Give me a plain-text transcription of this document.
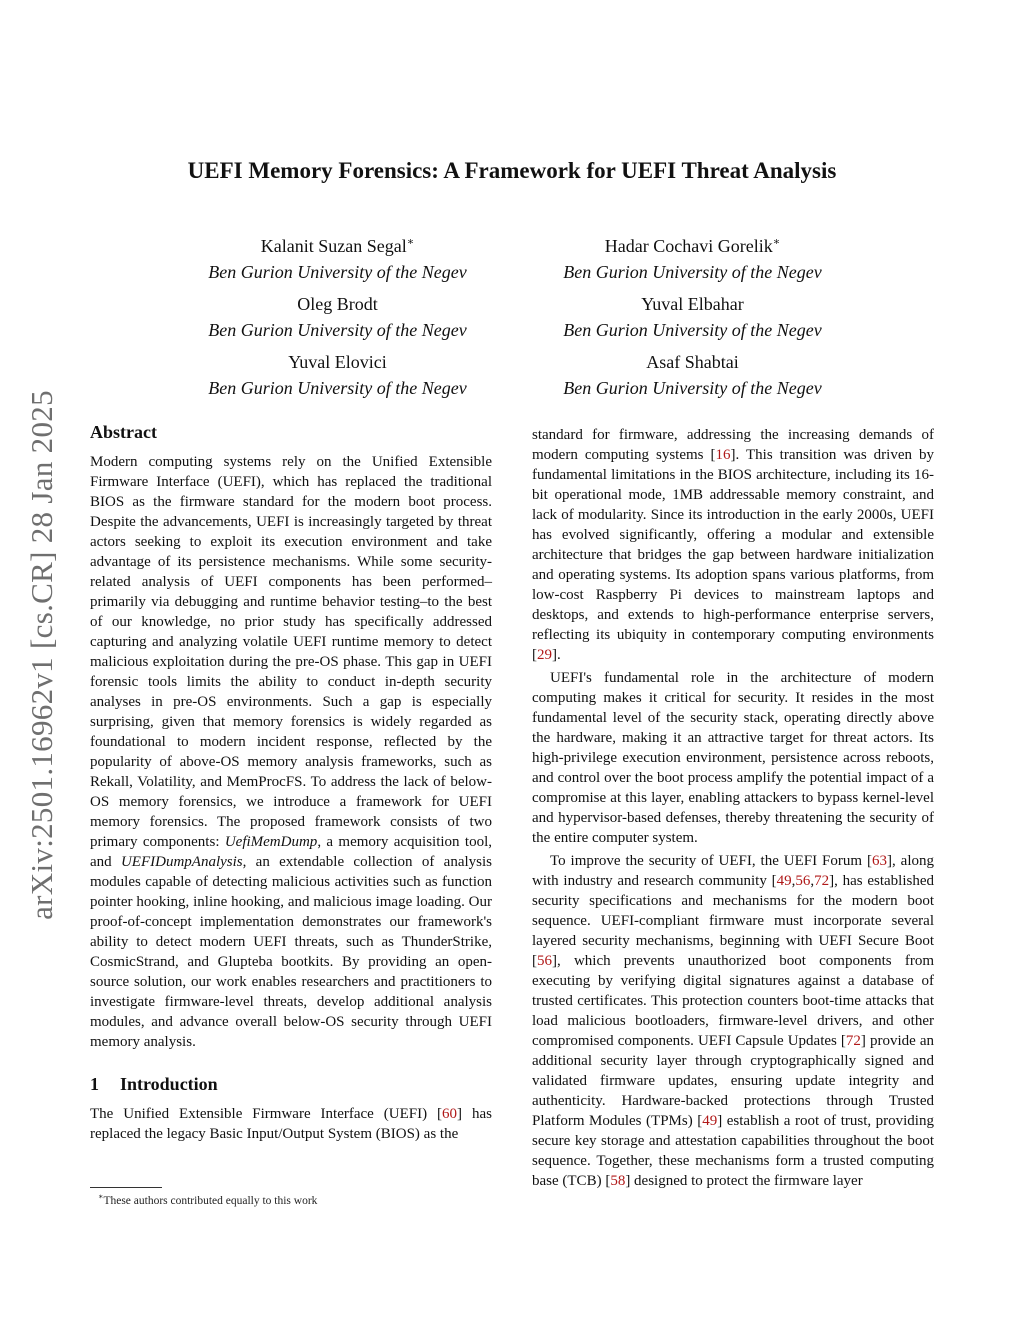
arXiv:2501.16962v1 [cs.CR] 28 Jan 2025
UEFI Memory Forensics: A Framework for UEFI Threat Analysis
Kalanit Suzan Segal∗
Ben Gurion University of the Negev
Hadar Cochavi Gorelik∗
Ben Gurion University of the Negev
Oleg Brodt
Ben Gurion University of the Negev
Yuval Elbahar
Ben Gurion University of the Negev
Yuval Elovici
Ben Gurion University of the Negev
Asaf Shabtai
Ben Gurion University of the Negev
Abstract

Modern computing systems rely on the Unified Extensible Firmware Interface (UEFI), which has replaced the traditional BIOS as the firmware standard for the modern boot process. Despite the advancements, UEFI is increasingly targeted by threat actors seeking to exploit its execution environment and take advantage of its persistence mechanisms. While some security-related analysis of UEFI components has been performed–primarily via debugging and runtime behavior testing–to the best of our knowledge, no prior study has specifically addressed capturing and analyzing volatile UEFI runtime memory to detect malicious exploitation during the pre-OS phase. This gap in UEFI forensic tools limits the ability to conduct in-depth security analyses in pre-OS environments. Such a gap is especially surprising, given that memory forensics is widely regarded as foundational to modern incident response, reflected by the popularity of above-OS memory analysis frameworks, such as Rekall, Volatility, and MemProcFS. To address the lack of below-OS memory forensics, we introduce a framework for UEFI memory forensics. The proposed framework consists of two primary components: UefiMemDump, a memory acquisition tool, and UEFIDumpAnalysis, an extendable collection of analysis modules capable of detecting malicious activities such as function pointer hooking, inline hooking, and malicious image loading. Our proof-of-concept implementation demonstrates our framework's ability to detect modern UEFI threats, such as ThunderStrike, CosmicStrand, and Glupteba bootkits. By providing an open-source solution, our work enables researchers and practitioners to investigate firmware-level threats, develop additional analysis modules, and advance overall below-OS security through UEFI memory analysis.

1 Introduction

The Unified Extensible Firmware Interface (UEFI) [60] has replaced the legacy Basic Input/Output System (BIOS) as the

standard for firmware, addressing the increasing demands of modern computing systems [16]. This transition was driven by fundamental limitations in the BIOS architecture, including its 16-bit operational mode, 1MB addressable memory constraint, and lack of modularity. Since its introduction in the early 2000s, UEFI has evolved significantly, offering a modular and extensible architecture that bridges the gap between hardware initialization and operating systems. Its adoption spans various platforms, from low-cost Raspberry Pi devices to mainstream laptops and desktops, and extends to high-performance enterprise servers, reflecting its ubiquity in contemporary computing environments [29].

UEFI's fundamental role in the architecture of modern computing makes it critical for security. It resides in the most fundamental level of the security stack, operating directly above the hardware, making it an attractive target for threat actors. Its high-privilege execution environment, persistence across reboots, and control over the boot process amplify the potential impact of a compromise at this layer, enabling attackers to bypass kernel-level and hypervisor-based defenses, thereby threatening the security of the entire computer system.

To improve the security of UEFI, the UEFI Forum [63], along with industry and research community [49,56,72], has established security specifications and mechanisms for the modern boot sequence. UEFI-compliant firmware must incorporate several layered security mechanisms, beginning with UEFI Secure Boot [56], which prevents unauthorized boot components from executing by verifying digital signatures against a database of trusted certificates. This protection counters boot-time attacks that load malicious bootloaders, firmware-level drivers, and other compromised components. UEFI Capsule Updates [72] provide an additional security layer through cryptographically signed and validated firmware updates, ensuring update integrity and authenticity. Hardware-backed protections through Trusted Platform Modules (TPMs) [49] establish a root of trust, providing secure key storage and attestation capabilities throughout the boot sequence. Together, these mechanisms form a trusted computing base (TCB) [58] designed to protect the firmware layer

∗These authors contributed equally to this work
